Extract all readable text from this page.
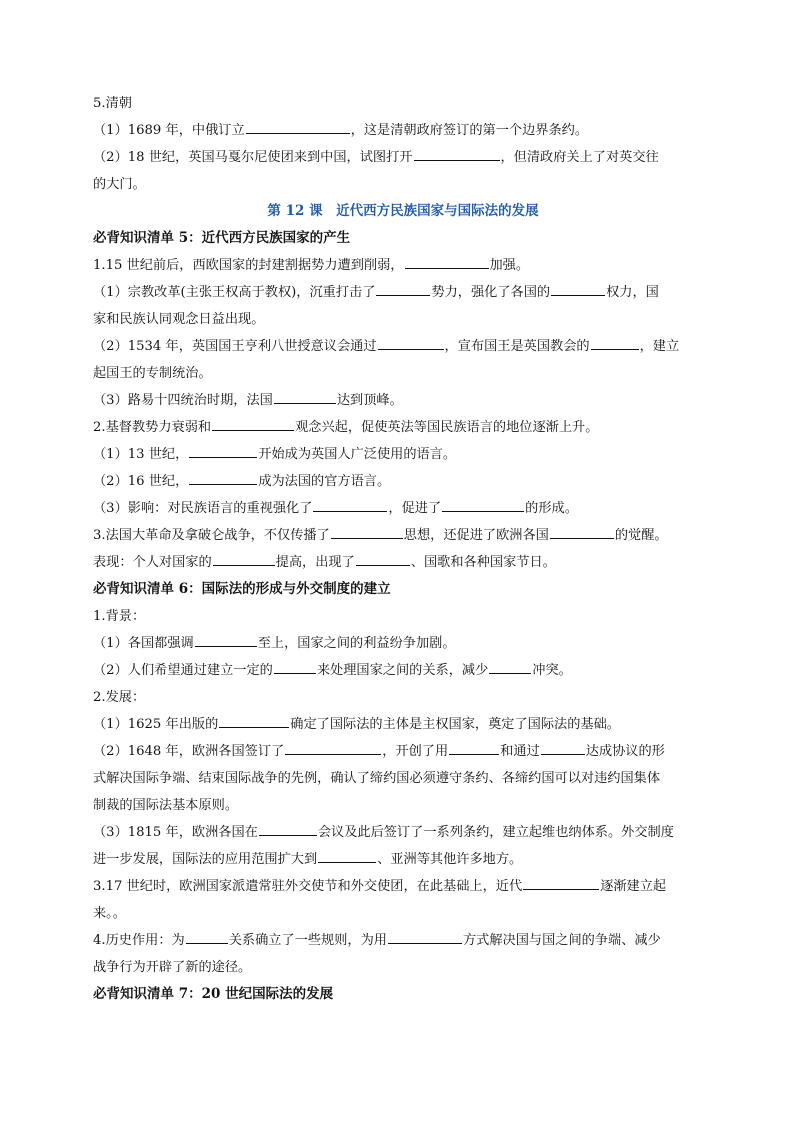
5.清朝
（1）1689 年，中俄订立	，这是清朝政府签订的第一个边界条约。
（2）18 世纪，英国马戛尔尼使团来到中国，试图打开	，但清政府关上了对英交往
的大门。
第 12 课　近代西方民族国家与国际法的发展
必背知识清单 5：近代西方民族国家的产生
1.15 世纪前后，西欧国家的封建割据势力遭到削弱，	加强。
（1）宗教改革(主张王权高于教权)，沉重打击了	势力，强化了各国的	权力，国
家和民族认同观念日益出现。
（2）1534 年，英国国王亨利八世授意议会通过	，宣布国王是英国教会的	，建立
起国王的专制统治。
（3）路易十四统治时期，法国	达到顶峰。
2.基督教势力衰弱和	观念兴起，促使英法等国民族语言的地位逐渐上升。
（1）13 世纪，	开始成为英国人广泛使用的语言。
（2）16 世纪，	成为法国的官方语言。
（3）影响：对民族语言的重视强化了	，促进了	的形成。
3.法国大革命及拿破仑战争，不仅传播了	思想，还促进了欧洲各国	的觉醒。
表现：个人对国家的	提高，出现了	、国歌和各种国家节日。
必背知识清单 6：国际法的形成与外交制度的建立
1.背景：
（1）各国都强调	至上，国家之间的利益纷争加剧。
（2）人们希望通过建立一定的	来处理国家之间的关系，减少	冲突。
2.发展：
（1）1625 年出版的	确定了国际法的主体是主权国家，奠定了国际法的基础。
（2）1648 年，欧洲各国签订了	，开创了用	和通过	达成协议的形
式解决国际争端、结束国际战争的先例，确认了缔约国必须遵守条约、各缔约国可以对违约国集体
制裁的国际法基本原则。
（3）1815 年，欧洲各国在	会议及此后签订了一系列条约，建立起维也纳体系。外交制度
进一步发展，国际法的应用范围扩大到	、亚洲等其他许多地方。
3.17 世纪时，欧洲国家派遣常驻外交使节和外交使团，在此基础上，近代	逐渐建立起
来。。
4.历史作用：为	关系确立了一些规则，为用	方式解决国与国之间的争端、减少
战争行为开辟了新的途径。
必背知识清单 7：20 世纪国际法的发展
